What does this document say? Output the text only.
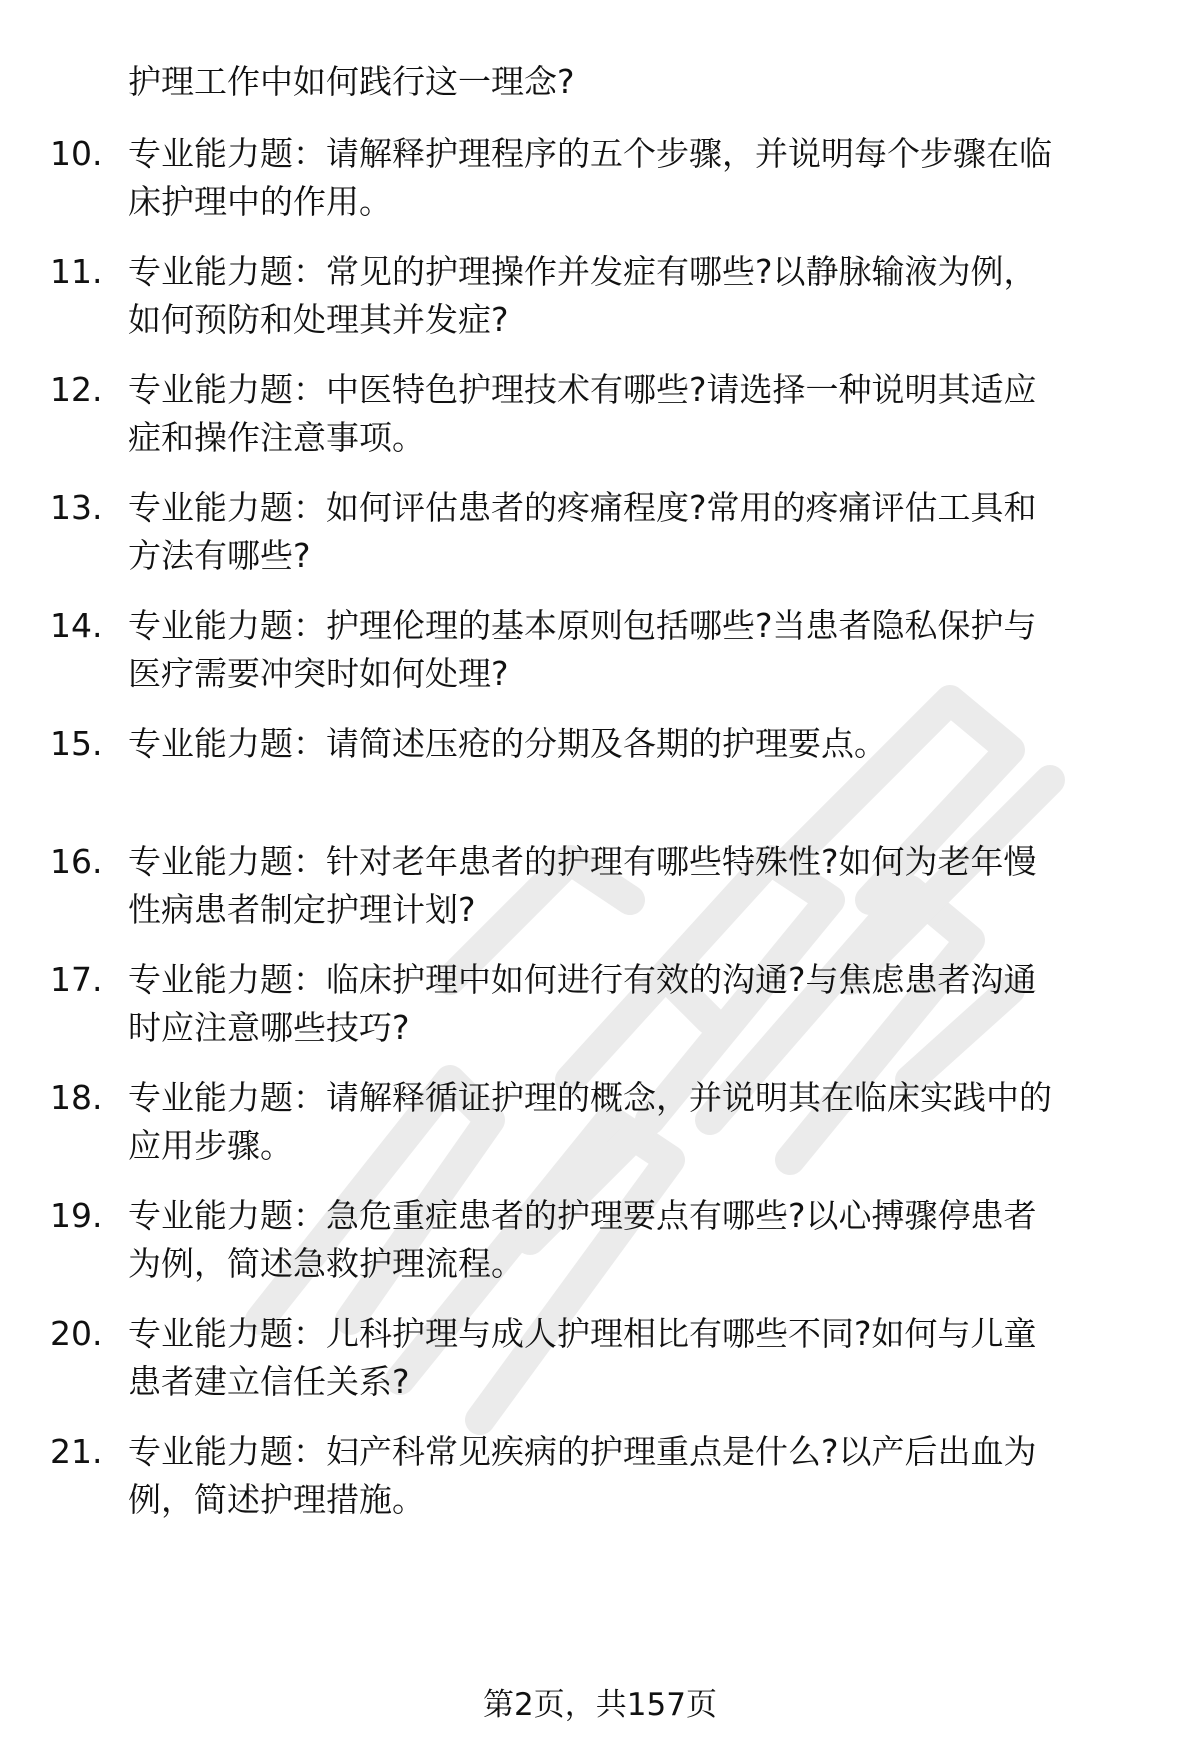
护理工作中如何践行这一理念?
10. 专业能力题：请解释护理程序的五个步骤，并说明每个步骤在临
床护理中的作用。
11. 专业能力题：常见的护理操作并发症有哪些?以静脉输液为例，
如何预防和处理其并发症?
12. 专业能力题：中医特色护理技术有哪些?请选择一种说明其适应
症和操作注意事项。
13. 专业能力题：如何评估患者的疼痛程度?常用的疼痛评估工具和
方法有哪些?
14. 专业能力题：护理伦理的基本原则包括哪些?当患者隐私保护与
医疗需要冲突时如何处理?
15. 专业能力题：请简述压疮的分期及各期的护理要点。
16. 专业能力题：针对老年患者的护理有哪些特殊性?如何为老年慢
性病患者制定护理计划?
17. 专业能力题：临床护理中如何进行有效的沟通?与焦虑患者沟通
时应注意哪些技巧?
18. 专业能力题：请解释循证护理的概念，并说明其在临床实践中的
应用步骤。
19. 专业能力题：急危重症患者的护理要点有哪些?以心搏骤停患者
为例，简述急救护理流程。
20. 专业能力题：儿科护理与成人护理相比有哪些不同?如何与儿童
患者建立信任关系?
21. 专业能力题：妇产科常见疾病的护理重点是什么?以产后出血为
例，简述护理措施。
第2页，共157页
